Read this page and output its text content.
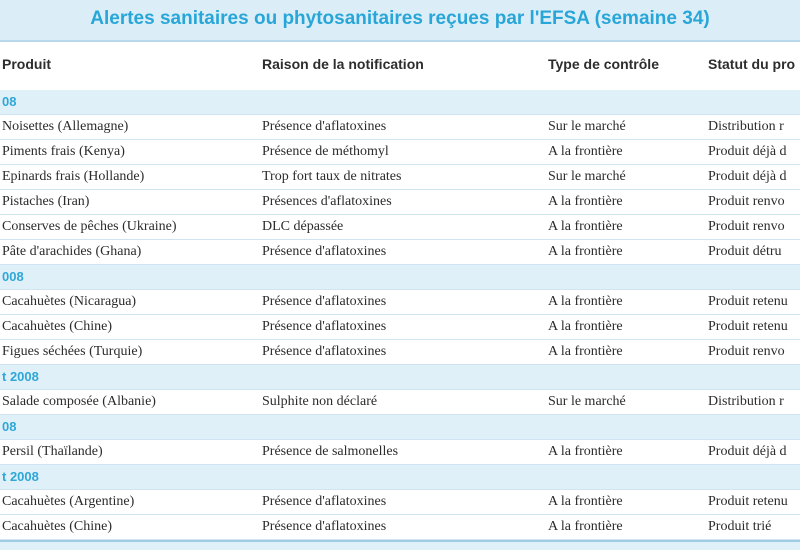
Alertes sanitaires ou phytosanitaires reçues par l'EFSA (semaine 34)
Produit	Raison de la notification	Type de contrôle	Statut du pro
08
Noisettes (Allemagne)	Présence d'aflatoxines	Sur le marché	Distribution r
Piments frais (Kenya)	Présence de méthomyl	A la frontière	Produit déjà d
Epinards frais (Hollande)	Trop fort taux de nitrates	Sur le marché	Produit déjà d
Pistaches (Iran)	Présences d'aflatoxines	A la frontière	Produit renvo
Conserves de pêches (Ukraine)	DLC dépassée	A la frontière	Produit renvo
Pâte d'arachides (Ghana)	Présence d'aflatoxines	A la frontière	Produit détru
008
Cacahuètes (Nicaragua)	Présence d'aflatoxines	A la frontière	Produit retenu
Cacahuètes (Chine)	Présence d'aflatoxines	A la frontière	Produit retenu
Figues séchées (Turquie)	Présence d'aflatoxines	A la frontière	Produit renvo
t 2008
Salade composée (Albanie)	Sulphite non déclaré	Sur le marché	Distribution r
08
Persil (Thaïlande)	Présence de salmonelles	A la frontière	Produit déjà d
t 2008
Cacahuètes (Argentine)	Présence d'aflatoxines	A la frontière	Produit retenu
Cacahuètes (Chine)	Présence d'aflatoxines	A la frontière	Produit trié
